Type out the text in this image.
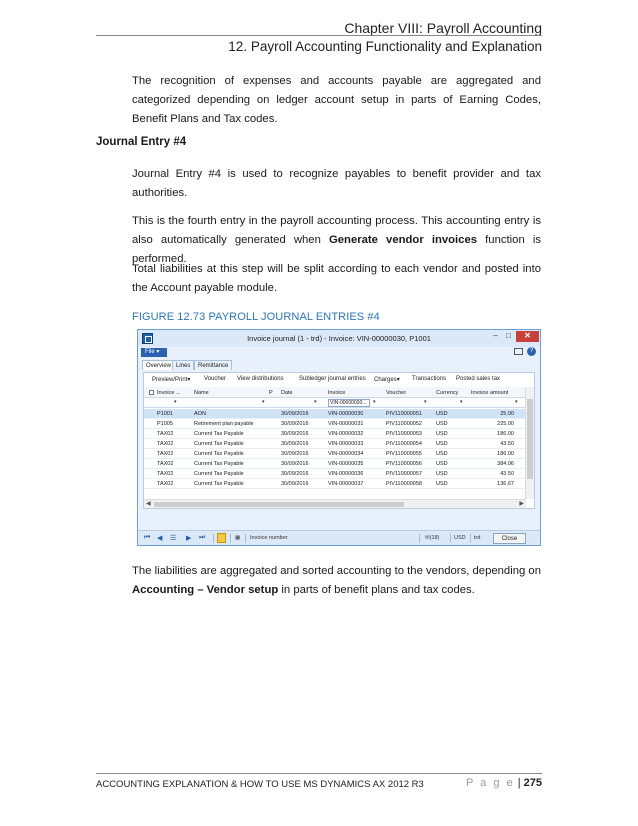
Chapter VIII: Payroll Accounting
12. Payroll Accounting Functionality and Explanation
The recognition of expenses and accounts payable are aggregated and categorized depending on ledger account setup in parts of Earning Codes, Benefit Plans and Tax codes.
Journal Entry #4
Journal Entry #4 is used to recognize payables to benefit provider and tax authorities.
This is the fourth entry in the payroll accounting process. This accounting entry is also automatically generated when Generate vendor invoices function is performed.
Total liabilities at this step will be split according to each vendor and posted into the Account payable module.
FIGURE 12.73 PAYROLL JOURNAL ENTRIES #4
Invoice journal (1 - trd) - Invoice: VIN-00000030, P1001	–	□	✕
File ▾	?
Overview Lines	Remittance
Preview/Print▾ Voucher View distributions	Subledger journal entries Charges▾ Transactions Posted sales tax
Invoice ... Name	P Date	Invoice	Voucher	Currency Invoice amount
▾	▾	▾	VIN-00000030...	▾	▾	▾	▾
P1001	AON	30/09/2016	VIN-00000030	PIV110000051	USD	25.00
P1005	Retirement plan payable	30/09/2016	VIN-00000031	PIV110000052	USD	225.00
TAX02	Current Tax Payable	30/09/2016	VIN-00000032	PIV110000053	USD	186.00
TAX02	Current Tax Payable	30/09/2016	VIN-00000033	PIV110000054	USD	43.50
TAX02	Current Tax Payable	30/09/2016	VIN-00000034	PIV110000055	USD	186.00
TAX02	Current Tax Payable	30/09/2016	VIN-00000035	PIV110000056	USD	384.06
TAX02	Current Tax Payable	30/09/2016	VIN-00000036	PIV110000057	USD	43.50
TAX02	Current Tax Payable	30/09/2016	VIN-00000037	PIV110000058	USD	136.67
◀	▶
⏮ ◀ ☰ ▶ ⏭	▦ Invoice number	✉(18)	USD trd	Close
The liabilities are aggregated and sorted accounting to the vendors, depending on Accounting – Vendor setup in parts of benefit plans and tax codes.
ACCOUNTING EXPLANATION & HOW TO USE MS DYNAMICS AX 2012 R3	P a g e | 275
